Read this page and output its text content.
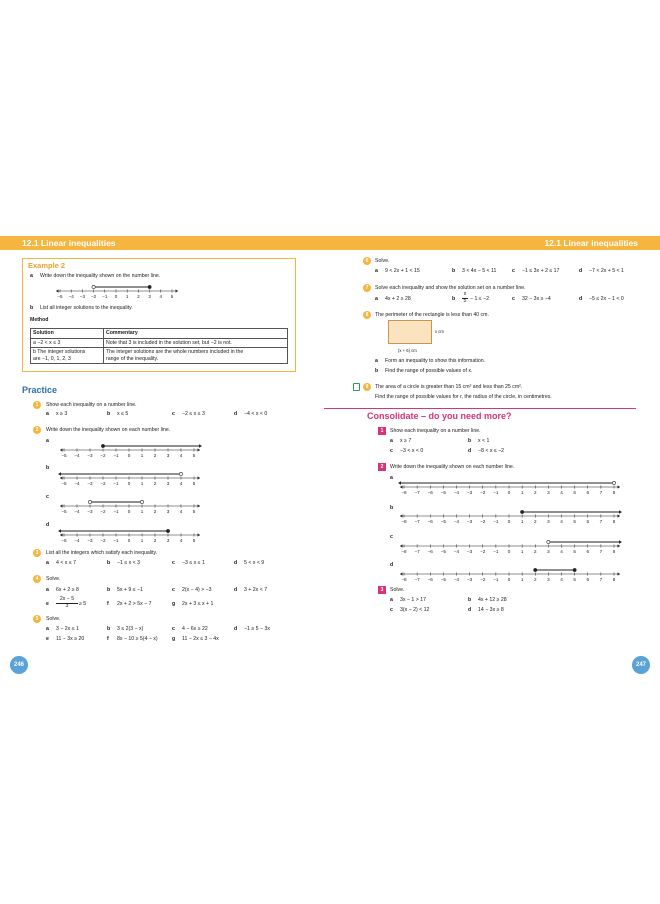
12.1 Linear inequalities	12.1 Linear inequalities
Example 2
a Write down the inequality shown on the number line.
−5 −4 −3 −2 −1 0 1 2 3 4 5
−5 −4 −3 −2 −1 0 1 2 3 4 5
−5 −4 −3 −2 −1 0 1 2 3 4 5
−5 −4 −3 −2 −1 0 1 2 3 4 5
−5 −4 −3 −2 −1 0 1 2 3 4 5
−8 −7 −6 −5 −4 −3 −2 −1 0 1 2 3 4 5 6 7 8
−8 −7 −6 −5 −4 −3 −2 −1 0 1 2 3 4 5 6 7 8
−8 −7 −6 −5 −4 −3 −2 −1 0 1 2 3 4 5 6 7 8
−8 −7 −6 −5 −4 −3 −2 −1 0 1 2 3 4 5 6 7 8
b List all integer solutions to the inequality.
Method
Solution	Commentary
a −2 < x ≤ 3	Note that 3 is included in the solution set, but −2 is not.
b The integer solutions
are −1, 0, 1, 2, 3	The integer solutions are the whole numbers included in the
range of the inequality.
Practice
1	Show each inequality on a number line.
a x ≥ 3	b x ≤ 5	c −2 ≤ x ≤ 3	d −4 < x < 0
2	Write down the inequality shown on each number line.
a
b
c
d
3	List all the integers which satisfy each inequality.
a 4 < x ≤ 7	b −1 ≤ x < 3	c −3 ≤ x ≤ 1	d 5 < x < 9
4	Solve.
a 6x + 2 ≥ 8	b 5x + 9 ≤ −1	c 2(x − 4) > −3	d 3 + 2x < 7
e
2x − 5
3	≥ 5	f 2x + 2 > 5x − 7	g 2x + 3 ≤ x + 1
5	Solve.
a 3 − 2x ≤ 1	b 3 ≤ 2(3 − x)	c 4 − 6x ≥ 22	d −1 ≥ 5 − 3x
e 11 − 3x ≥ 20	f 8x − 10 ≥ 5(4 − x)	g 11 − 2x ≤ 3 − 4x
246
6	Solve.
a 9 < 2x + 1 < 15	b 3 < 4x − 5 < 11	c −1 ≤ 3x + 2 ≤ 17	d −7 < 2x + 5 < 1
7	Solve each inequality and show the solution set on a number line.
a 4x + 2 ≥ 28	b
x
5 − 1 ≤ −2	c 32 − 3x ≥ −4	d −5 ≤ 2x − 1 < 0
8	The perimeter of the rectangle is less than 40 cm.
x cm
(x + 6) cm
a Form an inequality to show this information.
b Find the range of possible values of x.
9	The area of a circle is greater than 15 cm² and less than 25 cm².
Find the range of possible values for r, the radius of the circle, in centimetres.
Consolidate – do you need more?
1	Show each inequality on a number line.
a x ≥ 7	b x < 1
c −3 < x < 0	d −8 < x ≤ −2
2	Write down the inequality shown on each number line.
a
b
c
d
3	Solve.
a 3x − 1 > 17	b 4x + 12 ≥ 28
c 3(x − 2) < 12	d 14 − 3x ≥ 8
247
